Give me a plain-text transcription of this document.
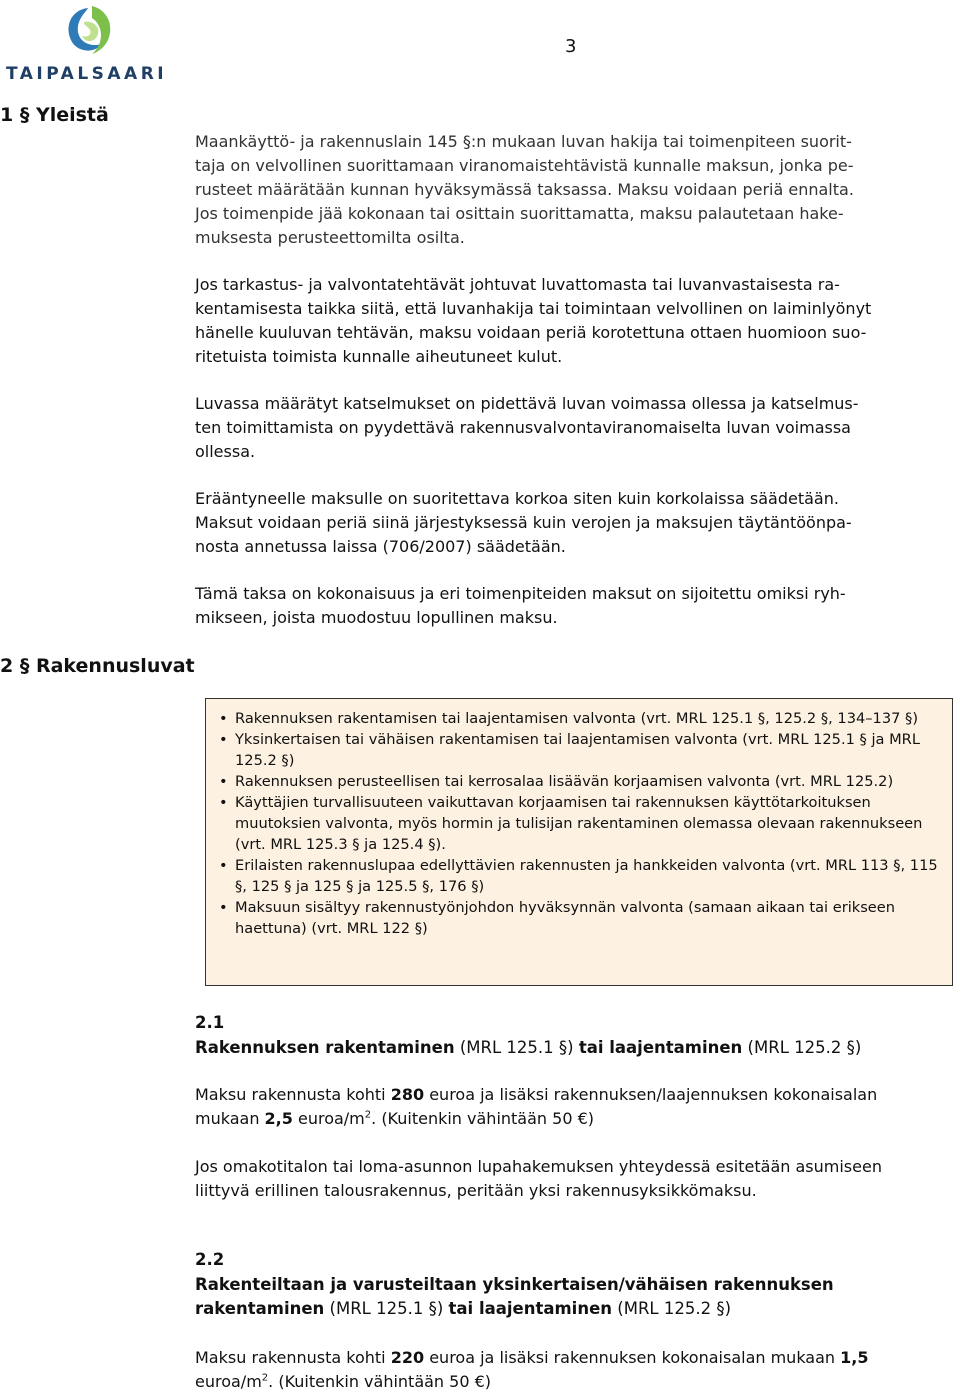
TAIPALSAARI
3
1 § Yleistä

Maankäyttö- ja rakennuslain 145 §:n mukaan luvan hakija tai toimenpiteen suorit-
taja on velvollinen suorittamaan viranomaistehtävistä kunnalle maksun, jonka pe-
rusteet määrätään kunnan hyväksymässä taksassa. Maksu voidaan periä ennalta.
Jos toimenpide jää kokonaan tai osittain suorittamatta, maksu palautetaan hake-
muksesta perusteettomilta osilta.

Jos tarkastus- ja valvontatehtävät johtuvat luvattomasta tai luvanvastaisesta ra-
kentamisesta taikka siitä, että luvanhakija tai toimintaan velvollinen on laiminlyönyt
hänelle kuuluvan tehtävän, maksu voidaan periä korotettuna ottaen huomioon suo-
ritetuista toimista kunnalle aiheutuneet kulut.

Luvassa määrätyt katselmukset on pidettävä luvan voimassa ollessa ja katselmus-
ten toimittamista on pyydettävä rakennusvalvontaviranomaiselta luvan voimassa
ollessa.

Erääntyneelle maksulle on suoritettava korkoa siten kuin korkolaissa säädetään.
Maksut voidaan periä siinä järjestyksessä kuin verojen ja maksujen täytäntöönpa-
nosta annetussa laissa (706/2007) säädetään.

Tämä taksa on kokonaisuus ja eri toimenpiteiden maksut on sijoitettu omiksi ryh-
mikseen, joista muodostuu lopullinen maksu.

2 § Rakennusluvat
• Rakennuksen rakentamisen tai laajentamisen valvonta (vrt. MRL 125.1 §, 125.2 §, 134–137 §)
• Yksinkertaisen tai vähäisen rakentamisen tai laajentamisen valvonta (vrt. MRL 125.1 § ja MRL 125.2 §)
• Rakennuksen perusteellisen tai kerrosalaa lisäävän korjaamisen valvonta (vrt. MRL 125.2)
• Käyttäjien turvallisuuteen vaikuttavan korjaamisen tai rakennuksen käyttötarkoituksen muutoksien valvonta, myös hormin ja tulisijan rakentaminen olemassa olevaan rakennukseen (vrt. MRL 125.3 § ja 125.4 §).
• Erilaisten rakennuslupaa edellyttävien rakennusten ja hankkeiden valvonta (vrt. MRL 113 §, 115 §, 125 § ja 125 § ja 125.5 §, 176 §)
• Maksuun sisältyy rakennustyönjohdon hyväksynnän valvonta (samaan aikaan tai erikseen haettuna) (vrt. MRL 122 §)
2.1
Rakennuksen rakentaminen (MRL 125.1 §) tai laajentaminen (MRL 125.2 §)

Maksu rakennusta kohti 280 euroa ja lisäksi rakennuksen/laajennuksen kokonaisalan
mukaan 2,5 euroa/$m^2$. (Kuitenkin vähintään 50 €)

Jos omakotitalon tai loma-asunnon lupahakemuksen yhteydessä esitetään asumiseen
liittyvä erillinen talousrakennus, peritään yksi rakennusyksikkömaksu.

2.2
Rakenteiltaan ja varusteiltaan yksinkertaisen/vähäisen rakennuksen
rakentaminen (MRL 125.1 §) tai laajentaminen (MRL 125.2 §)

Maksu rakennusta kohti 220 euroa ja lisäksi rakennuksen kokonaisalan mukaan 1,5
euroa/$m^2$. (Kuitenkin vähintään 50 €)
